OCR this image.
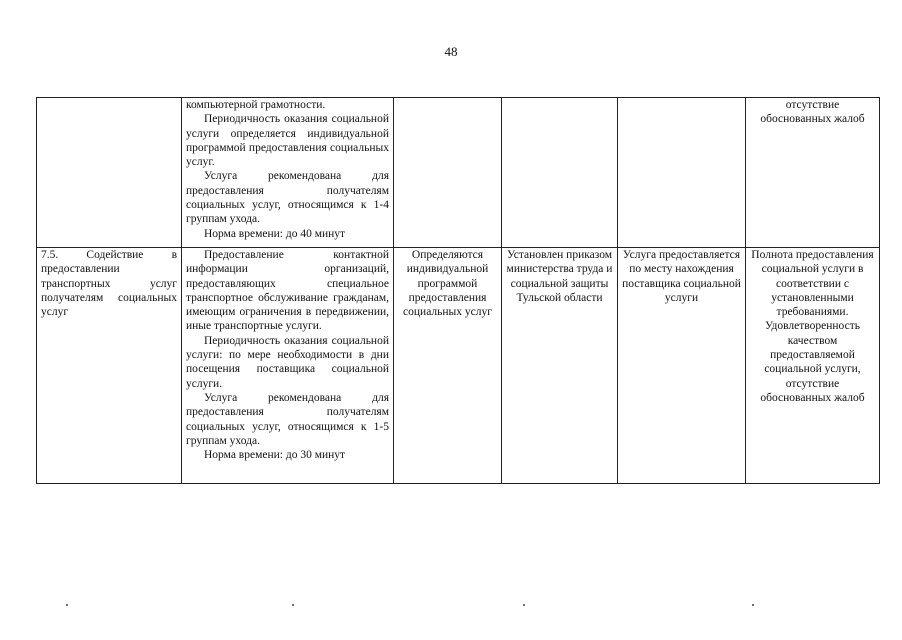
48

	компьютерной грамотности.

Периодичность оказания социальной услуги определяется индивидуальной программой предоставления социальных услуг.

Услуга рекомендована для предоставления получателям социальных услуг, относящимся к 1-4 группам ухода.

Норма времени: до 40 минут				отсутствие обоснованных жалоб

7.5. Содействие в предоставлении транспортных услуг получателям социальных услуг	Предоставление контактной информации организаций, предоставляющих специальное транспортное обслуживание гражданам, имеющим ограничения в передвижении, иные транспортные услуги.

Периодичность оказания социальной услуги: по мере необходимости в дни посещения поставщика социальной услуги.

Услуга рекомендована для предоставления получателям социальных услуг, относящимся к 1-5 группам ухода.

Норма времени: до 30 минут	Определяются индивидуальной программой предоставления социальных услуг	Установлен приказом министерства труда и социальной защиты Тульской области	Услуга предоставляется по месту нахождения поставщика социальной услуги	Полнота предоставления социальной услуги в соответствии с установленными требованиями. Удовлетворенность качеством предоставляемой социальной услуги, отсутствие обоснованных жалоб
